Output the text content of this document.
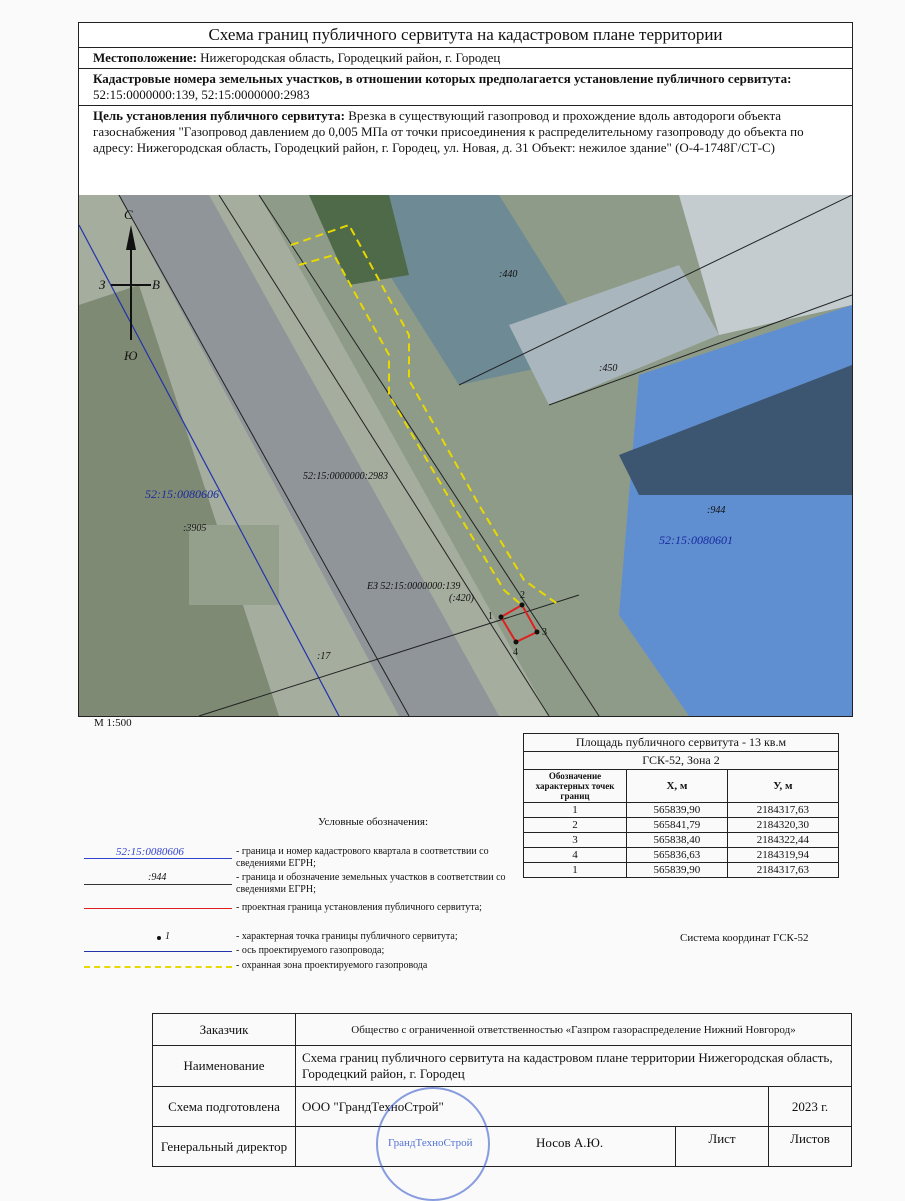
Схема границ публичного сервитута на кадастровом плане территории
Местоположение: Нижегородская область, Городецкий район, г. Городец
Кадастровые номера земельных участков, в отношении которых предполагается установление публичного сервитута: 52:15:0000000:139, 52:15:0000000:2983
Цель установления публичного сервитута: Врезка в существующий газопровод и прохождение вдоль автодороги объекта газоснабжения "Газопровод давлением до 0,005 МПа от точки присоединения к распределительному газопроводу до объекта по адресу: Нижегородская область, Городецкий район, г. Городец, ул. Новая, д. 31 Объект: нежилое здание" (О-4-1748Г/СТ-С)
С
Ю
З	В
52:15:0080606
52:15:0080601
52:15:0000000:2983
ЕЗ 52:15:0000000:139
(:420)
:440
:450
:944
:3905
:17
1
2
3
4
М 1:500
Условные обозначения:
52:15:0080606	- граница и номер кадастрового квартала в соответствии со сведениями ЕГРН;
:944	- граница и обозначение земельных участков в соответствии со сведениями ЕГРН;
- проектная граница установления публичного сервитута;
1	- характерная точка границы публичного сервитута;
- ось проектируемого газопровода;
- охранная зона проектируемого газопровода
Площадь публичного сервитута - 13 кв.м		
ГСК-52, Зона 2		
Обозначение характерных точек границ	X, м	У, м
1	565839,90	2184317,63
2	565841,79	2184320,30
3	565838,40	2184322,44
4	565836,63	2184319,94
1	565839,90	2184317,63
Система координат ГСК-52
Заказчик	Общество с ограниченной ответственностью «Газпром газораспределение Нижний Новгород»		
Наименование	Схема границ публичного сервитута на кадастровом плане территории Нижегородская область, Городецкий район, г. Городец		
Схема подготовлена	ООО "ГрандТехноСтрой"		2023 г.
Генеральный директор	ГрандТехноСтрой Носов А.Ю.	Лист	Листов
